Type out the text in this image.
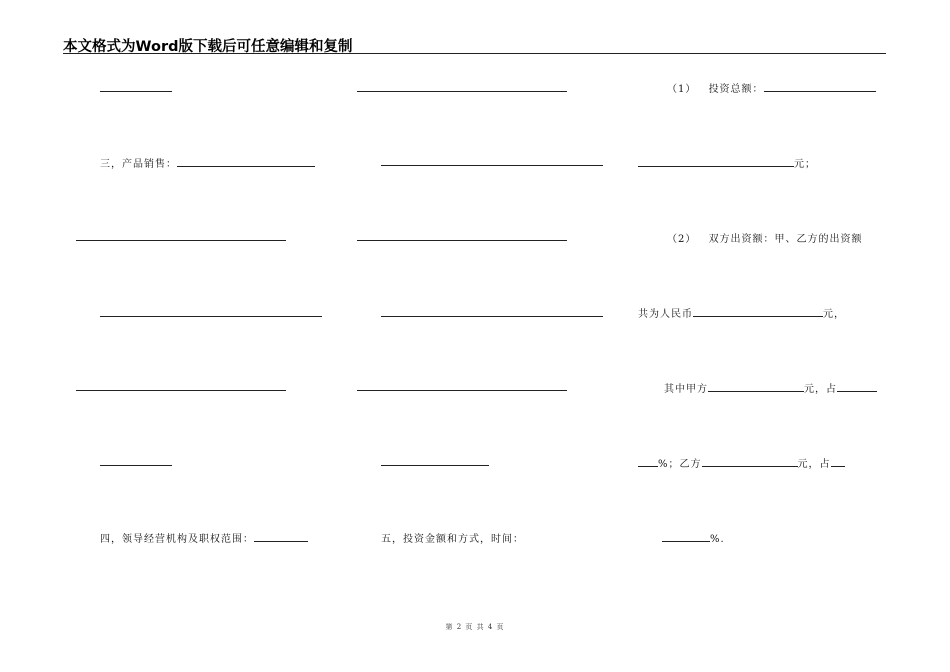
本文格式为Word版下载后可任意编辑和复制
三，产品销售：
四，领导经营机构及职权范围：	五，投资金额和方式，时间：
（1） 投资总额：
元；
（2） 双方出资额：甲、乙方的出资额
共为人民币	元，
其中甲方	元，占
%；乙方	元，占
%.
第 2 页 共 4 页
